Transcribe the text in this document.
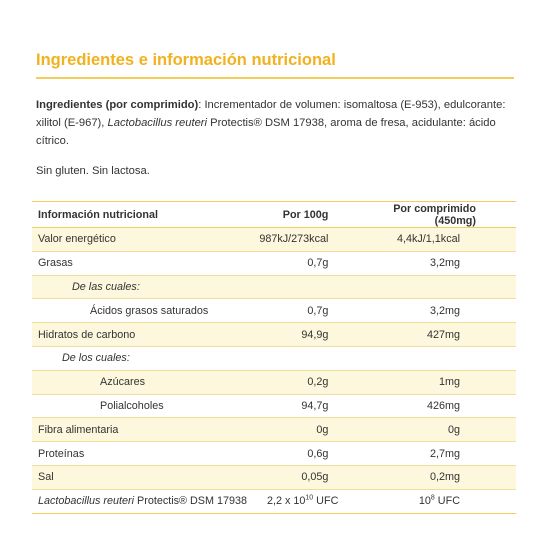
Ingredientes e información nutricional
Ingredientes (por comprimido): Incrementador de volumen: isomaltosa (E-953), edulcorante: xilitol (E-967), Lactobacillus reuteri Protectis® DSM 17938, aroma de fresa, acidulante: ácido cítrico.
Sin gluten. Sin lactosa.
Información nutricional	Por 100g	Por comprimido (450mg)
Valor energético	987kJ/273kcal	4,4kJ/1,1kcal
Grasas	0,7g	3,2mg
De las cuales:		
Ácidos grasos saturados	0,7g	3,2mg
Hidratos de carbono	94,9g	427mg
De los cuales:		
Azúcares	0,2g	1mg
Polialcoholes	94,7g	426mg
Fibra alimentaria	0g	0g
Proteínas	0,6g	2,7mg
Sal	0,05g	0,2mg
Lactobacillus reuteri Protectis® DSM 17938	2,2 x $10^{10}$ UFC	$10^8$ UFC
